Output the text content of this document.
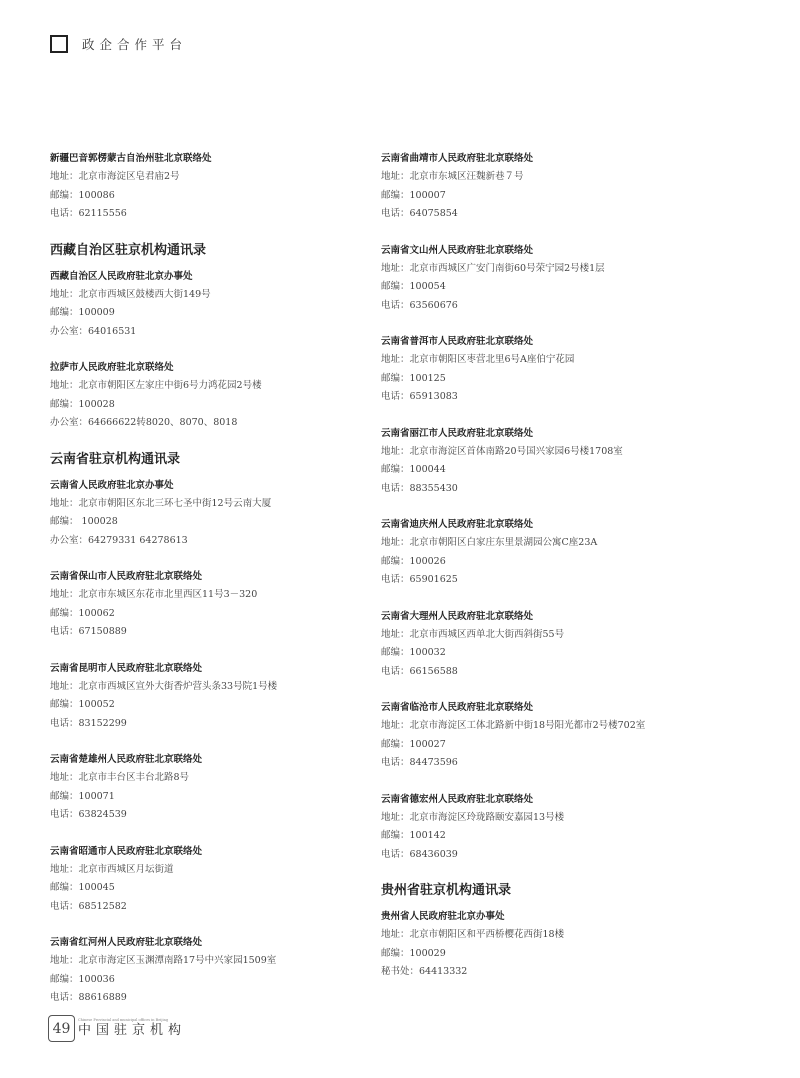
政企合作平台
新疆巴音郭楞蒙古自治州驻北京联络处
地址：北京市海淀区皂君庙2号
邮编：100086
电话：62115556
西藏自治区驻京机构通讯录
西藏自治区人民政府驻北京办事处
地址：北京市西城区鼓楼西大街149号
邮编：100009
办公室：64016531
拉萨市人民政府驻北京联络处
地址：北京市朝阳区左家庄中街6号力鸿花园2号楼
邮编：100028
办公室：64666622转8020、8070、8018
云南省驻京机构通讯录
云南省人民政府驻北京办事处
地址：北京市朝阳区东北三环七圣中街12号云南大厦
邮编： 100028
办公室：64279331 64278613
云南省保山市人民政府驻北京联络处
地址：北京市东城区东花市北里西区11号3－320
邮编：100062
电话：67150889
云南省昆明市人民政府驻北京联络处
地址：北京市西城区宣外大街香炉营头条33号院1号楼
邮编：100052
电话：83152299
云南省楚雄州人民政府驻北京联络处
地址：北京市丰台区丰台北路8号
邮编：100071
电话：63824539
云南省昭通市人民政府驻北京联络处
地址：北京市西城区月坛街道
邮编：100045
电话：68512582
云南省红河州人民政府驻北京联络处
地址：北京市海定区玉渊潭南路17号中兴家园1509室
邮编：100036
电话：88616889
云南省曲靖市人民政府驻北京联络处
地址：北京市东城区汪魏新巷７号
邮编：100007
电话：64075854
云南省文山州人民政府驻北京联络处
地址：北京市西城区广安门南街60号荣宁园2号楼1层
邮编：100054
电话：63560676
云南省普洱市人民政府驻北京联络处
地址：北京市朝阳区枣营北里6号A座伯宁花园
邮编：100125
电话：65913083
云南省丽江市人民政府驻北京联络处
地址：北京市海淀区首体南路20号国兴家园6号楼1708室
邮编：100044
电话：88355430
云南省迪庆州人民政府驻北京联络处
地址：北京市朝阳区白家庄东里景湖园公寓C座23A
邮编：100026
电话：65901625
云南省大理州人民政府驻北京联络处
地址：北京市西城区西单北大街西斜街55号
邮编：100032
电话：66156588
云南省临沧市人民政府驻北京联络处
地址：北京市海淀区工体北路新中街18号阳光都市2号楼702室
邮编：100027
电话：84473596
云南省德宏州人民政府驻北京联络处
地址：北京市海淀区玲珑路颐安嘉园13号楼
邮编：100142
电话：68436039
贵州省驻京机构通讯录
贵州省人民政府驻北京办事处
地址：北京市朝阳区和平西桥樱花西街18楼
邮编：100029
秘书处：64413332
49
Chinese Provincial and municipal offices in Beijing
中国驻京机构
